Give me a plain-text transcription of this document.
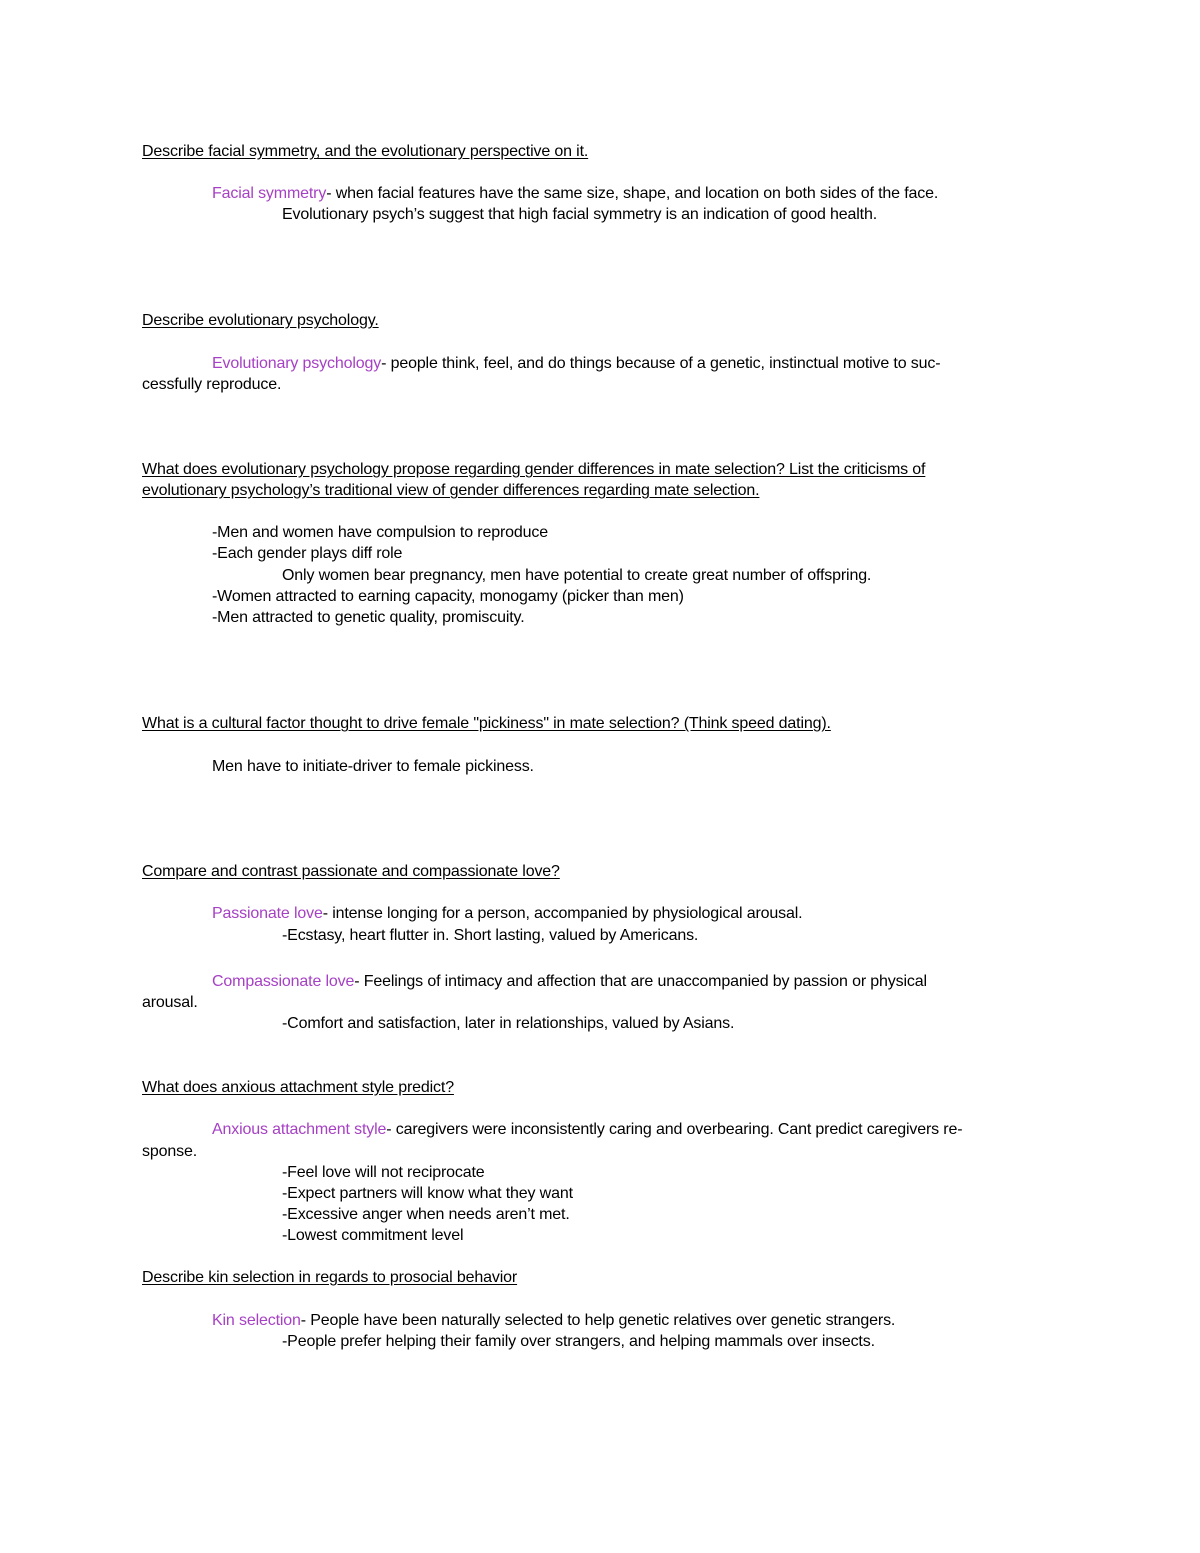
Describe facial symmetry, and the evolutionary perspective on it.
Facial symmetry- when facial features have the same size, shape, and location on both sides of the face.
Evolutionary psych’s suggest that high facial symmetry is an indication of good health.
Describe evolutionary psychology.
Evolutionary psychology- people think, feel, and do things because of a genetic, instinctual motive to suc-
cessfully reproduce.
What does evolutionary psychology propose regarding gender differences in mate selection? List the criticisms of
evolutionary psychology’s traditional view of gender differences regarding mate selection.
-Men and women have compulsion to reproduce
-Each gender plays diff role
Only women bear pregnancy, men have potential to create great number of offspring.
-Women attracted to earning capacity, monogamy (picker than men)
-Men attracted to genetic quality, promiscuity.
What is a cultural factor thought to drive female "pickiness" in mate selection? (Think speed dating).
Men have to initiate-driver to female pickiness.
Compare and contrast passionate and compassionate love?
Passionate love- intense longing for a person, accompanied by physiological arousal.
-Ecstasy, heart flutter in. Short lasting, valued by Americans.
Compassionate love- Feelings of intimacy and affection that are unaccompanied by passion or physical
arousal.
-Comfort and satisfaction, later in relationships, valued by Asians.
What does anxious attachment style predict?
Anxious attachment style- caregivers were inconsistently caring and overbearing. Cant predict caregivers re-
sponse.
-Feel love will not reciprocate
-Expect partners will know what they want
-Excessive anger when needs aren’t met.
-Lowest commitment level
Describe kin selection in regards to prosocial behavior
Kin selection- People have been naturally selected to help genetic relatives over genetic strangers.
-People prefer helping their family over strangers, and helping mammals over insects.
